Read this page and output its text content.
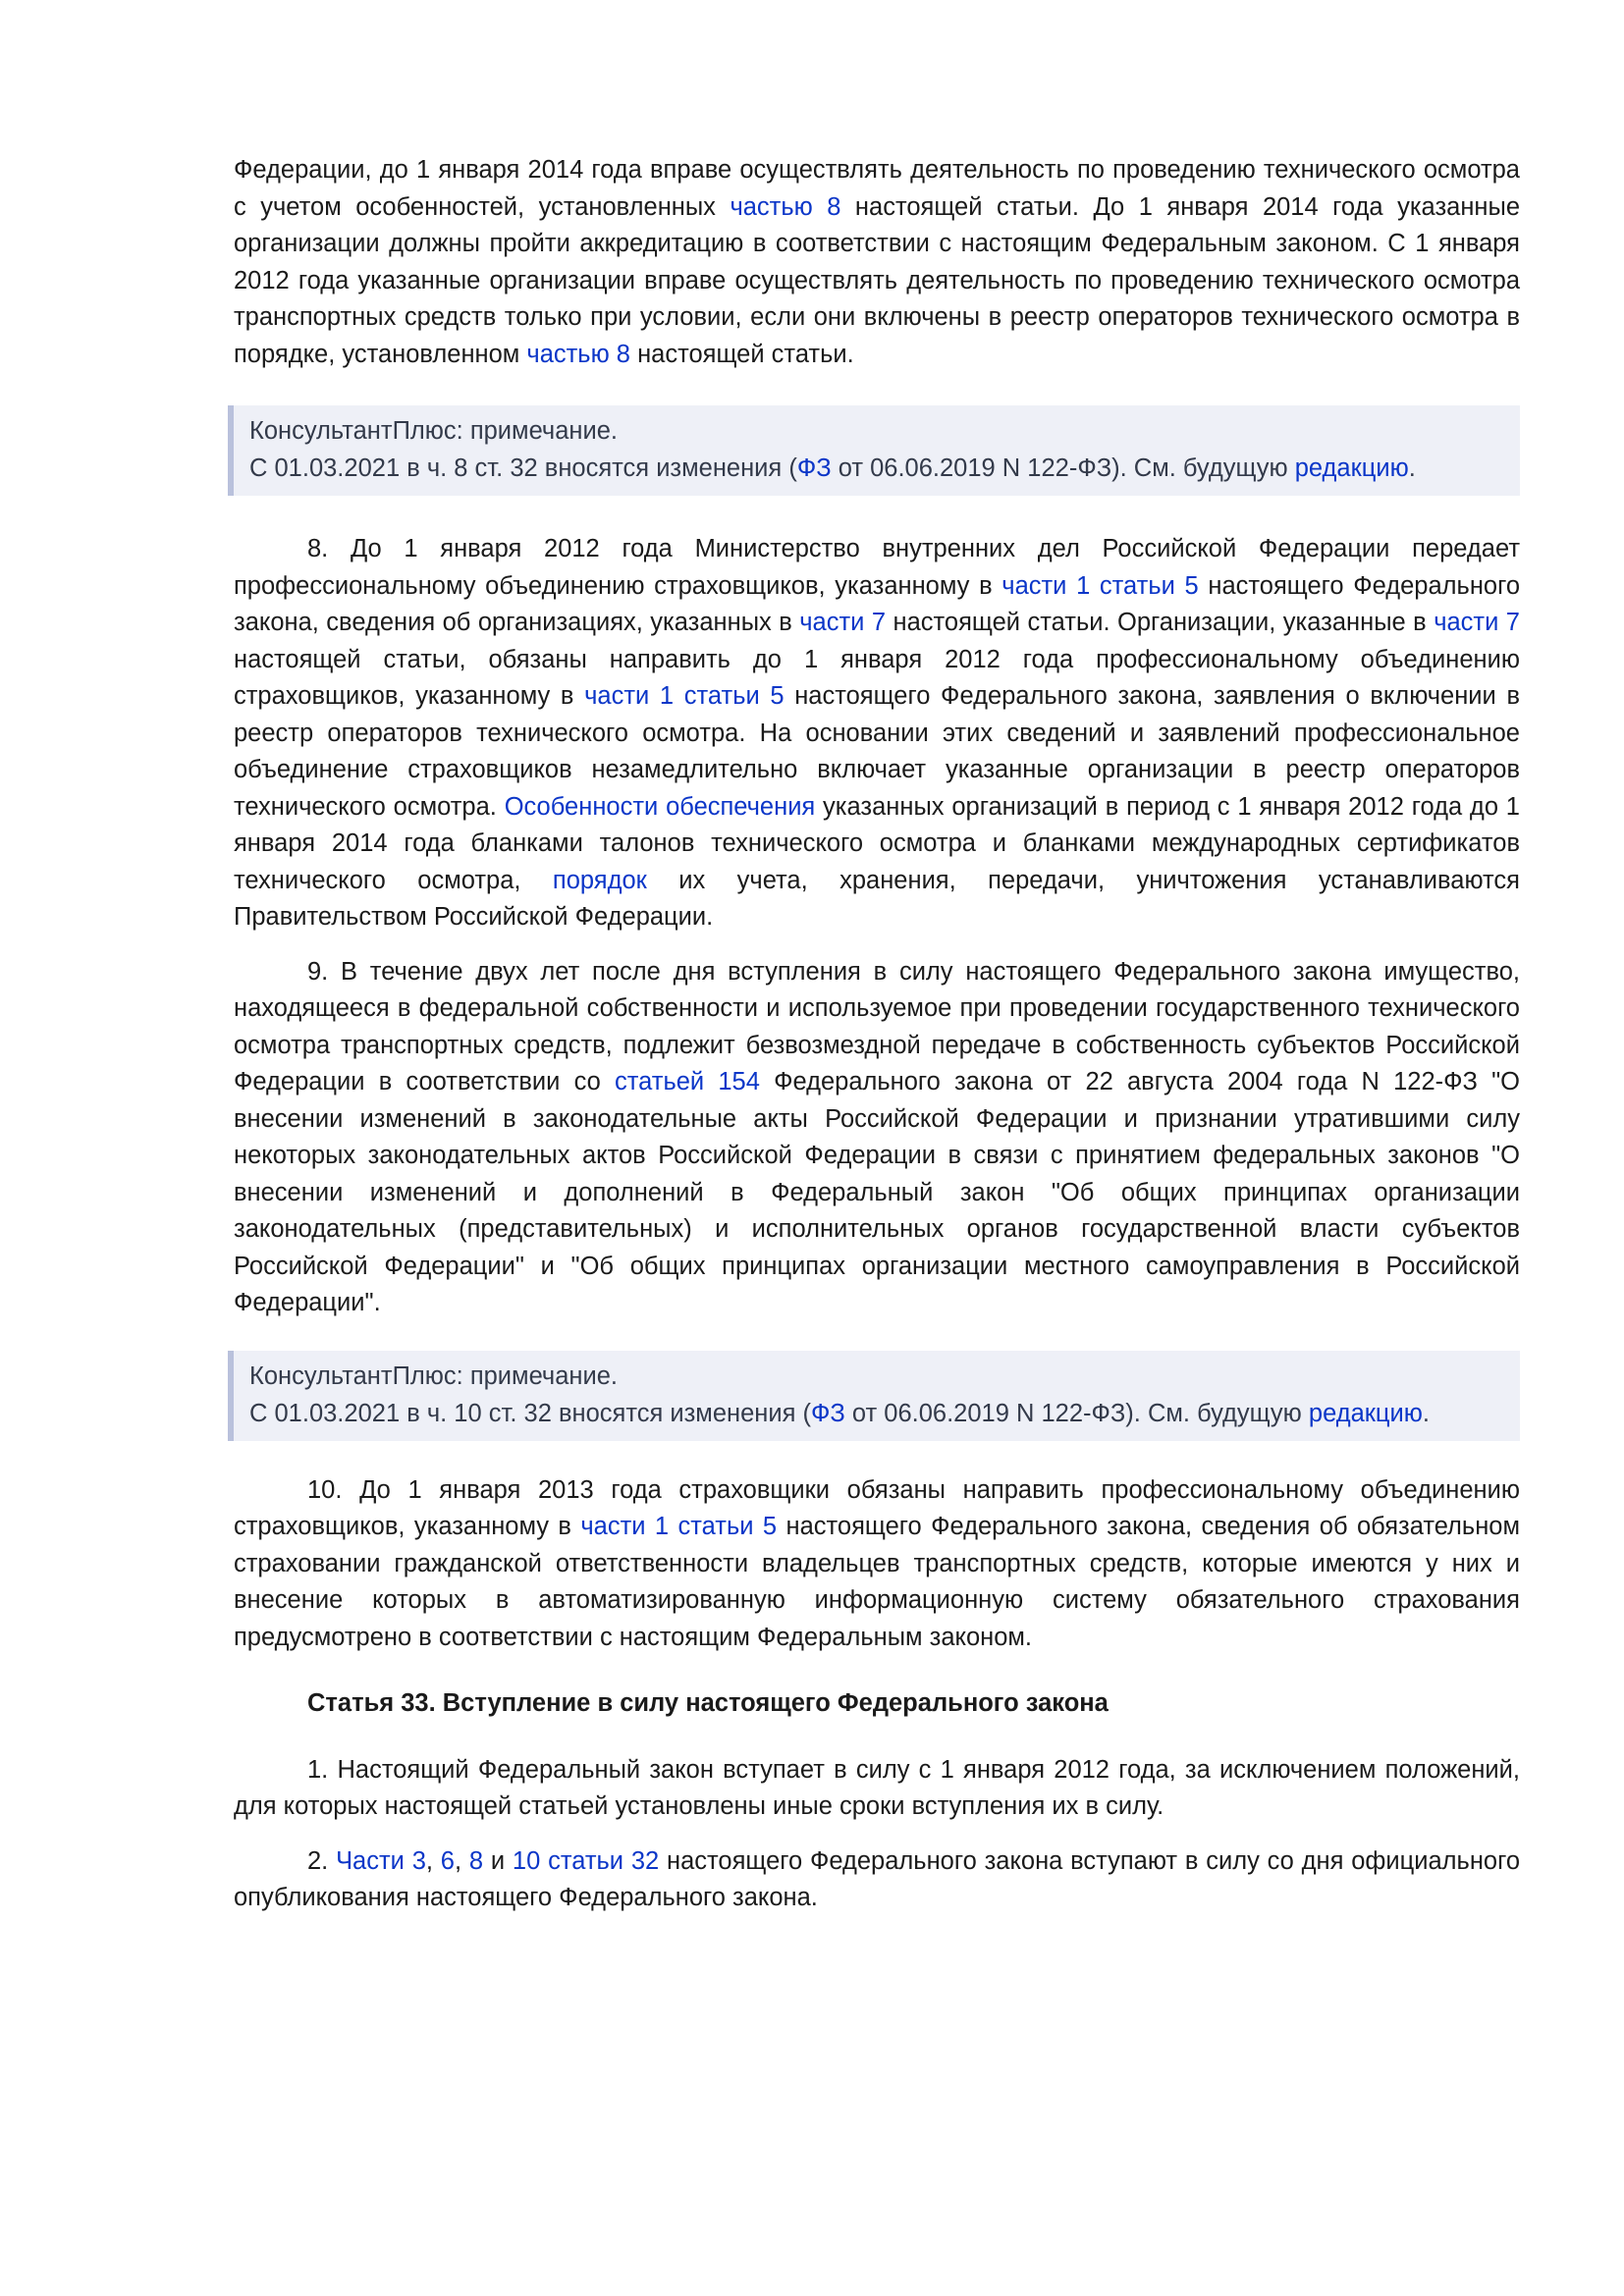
Федерации, до 1 января 2014 года вправе осуществлять деятельность по проведению технического осмотра с учетом особенностей, установленных частью 8 настоящей статьи. До 1 января 2014 года указанные организации должны пройти аккредитацию в соответствии с настоящим Федеральным законом. С 1 января 2012 года указанные организации вправе осуществлять деятельность по проведению технического осмотра транспортных средств только при условии, если они включены в реестр операторов технического осмотра в порядке, установленном частью 8 настоящей статьи.

КонсультантПлюс: примечание.
С 01.03.2021 в ч. 8 ст. 32 вносятся изменения (ФЗ от 06.06.2019 N 122-ФЗ). См. будущую редакцию.

8. До 1 января 2012 года Министерство внутренних дел Российской Федерации передает профессиональному объединению страховщиков, указанному в части 1 статьи 5 настоящего Федерального закона, сведения об организациях, указанных в части 7 настоящей статьи. Организации, указанные в части 7 настоящей статьи, обязаны направить до 1 января 2012 года профессиональному объединению страховщиков, указанному в части 1 статьи 5 настоящего Федерального закона, заявления о включении в реестр операторов технического осмотра. На основании этих сведений и заявлений профессиональное объединение страховщиков незамедлительно включает указанные организации в реестр операторов технического осмотра. Особенности обеспечения указанных организаций в период с 1 января 2012 года до 1 января 2014 года бланками талонов технического осмотра и бланками международных сертификатов технического осмотра, порядок их учета, хранения, передачи, уничтожения устанавливаются Правительством Российской Федерации.

9. В течение двух лет после дня вступления в силу настоящего Федерального закона имущество, находящееся в федеральной собственности и используемое при проведении государственного технического осмотра транспортных средств, подлежит безвозмездной передаче в собственность субъектов Российской Федерации в соответствии со статьей 154 Федерального закона от 22 августа 2004 года N 122-ФЗ "О внесении изменений в законодательные акты Российской Федерации и признании утратившими силу некоторых законодательных актов Российской Федерации в связи с принятием федеральных законов "О внесении изменений и дополнений в Федеральный закон "Об общих принципах организации законодательных (представительных) и исполнительных органов государственной власти субъектов Российской Федерации" и "Об общих принципах организации местного самоуправления в Российской Федерации".

КонсультантПлюс: примечание.
С 01.03.2021 в ч. 10 ст. 32 вносятся изменения (ФЗ от 06.06.2019 N 122-ФЗ). См. будущую редакцию.

10. До 1 января 2013 года страховщики обязаны направить профессиональному объединению страховщиков, указанному в части 1 статьи 5 настоящего Федерального закона, сведения об обязательном страховании гражданской ответственности владельцев транспортных средств, которые имеются у них и внесение которых в автоматизированную информационную систему обязательного страхования предусмотрено в соответствии с настоящим Федеральным законом.

Статья 33. Вступление в силу настоящего Федерального закона

1. Настоящий Федеральный закон вступает в силу с 1 января 2012 года, за исключением положений, для которых настоящей статьей установлены иные сроки вступления их в силу.

2. Части 3, 6, 8 и 10 статьи 32 настоящего Федерального закона вступают в силу со дня официального опубликования настоящего Федерального закона.
